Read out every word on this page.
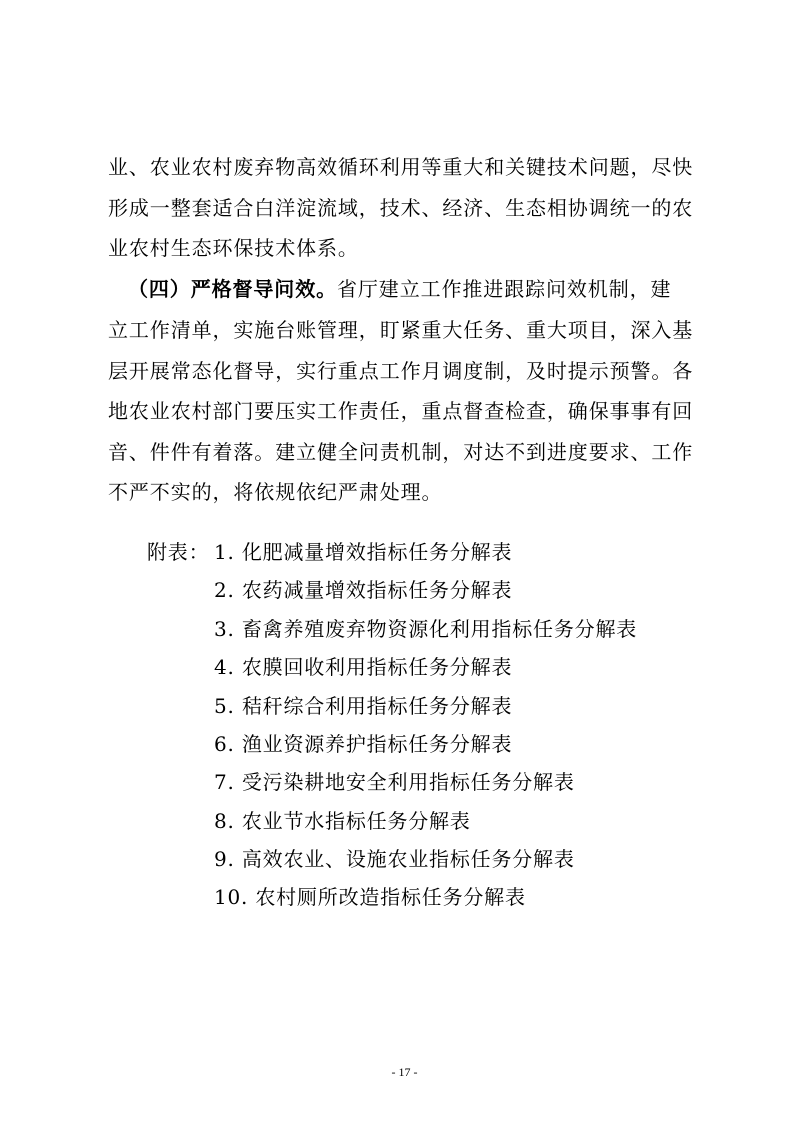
业、农业农村废弃物高效循环利用等重大和关键技术问题，尽快
形成一整套适合白洋淀流域，技术、经济、生态相协调统一的农
业农村生态环保技术体系。
（四）严格督导问效。省厅建立工作推进跟踪问效机制，建
立工作清单，实施台账管理，盯紧重大任务、重大项目，深入基
层开展常态化督导，实行重点工作月调度制，及时提示预警。各
地农业农村部门要压实工作责任，重点督查检查，确保事事有回
音、件件有着落。建立健全问责机制，对达不到进度要求、工作
不严不实的，将依规依纪严肃处理。
附表： 1. 化肥减量增效指标任务分解表
2. 农药减量增效指标任务分解表
3. 畜禽养殖废弃物资源化利用指标任务分解表
4. 农膜回收利用指标任务分解表
5. 秸秆综合利用指标任务分解表
6. 渔业资源养护指标任务分解表
7. 受污染耕地安全利用指标任务分解表
8. 农业节水指标任务分解表
9. 高效农业、设施农业指标任务分解表
10. 农村厕所改造指标任务分解表
- 17 -
